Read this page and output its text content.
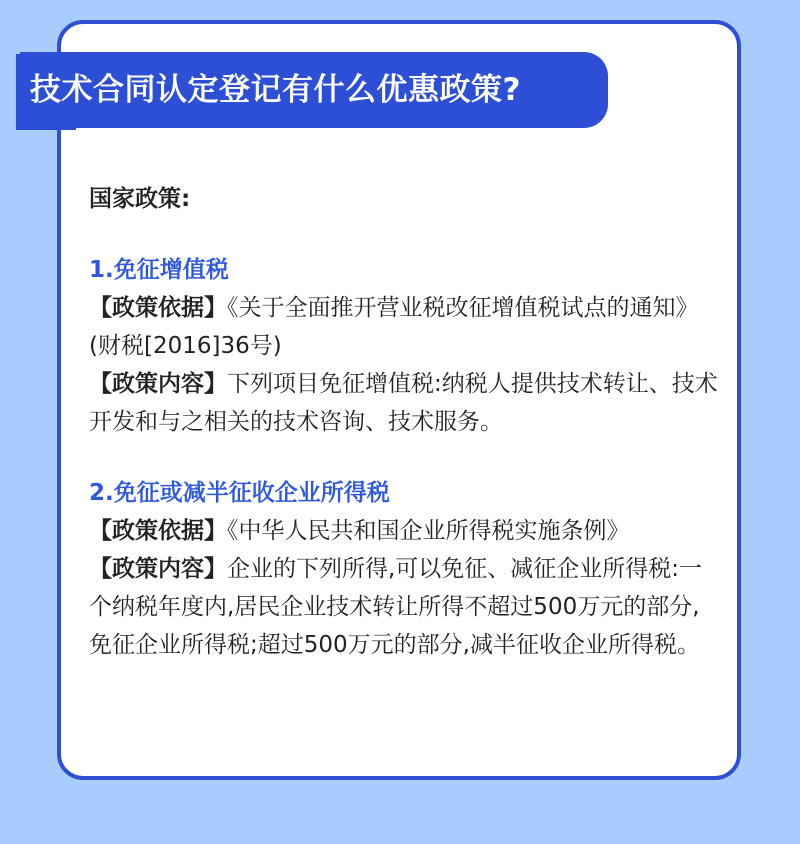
技术合同认定登记有什么优惠政策?

国家政策:

1.免征增值税

【政策依据】《关于全面推开营业税改征增值税试点的通知》(财税[2016]36号)

【政策内容】下列项目免征增值税:纳税人提供技术转让、技术开发和与之相关的技术咨询、技术服务。

2.免征或减半征收企业所得税

【政策依据】《中华人民共和国企业所得税实施条例》

【政策内容】企业的下列所得,可以免征、减征企业所得税:一个纳税年度内,居民企业技术转让所得不超过500万元的部分,免征企业所得税;超过500万元的部分,减半征收企业所得税。
